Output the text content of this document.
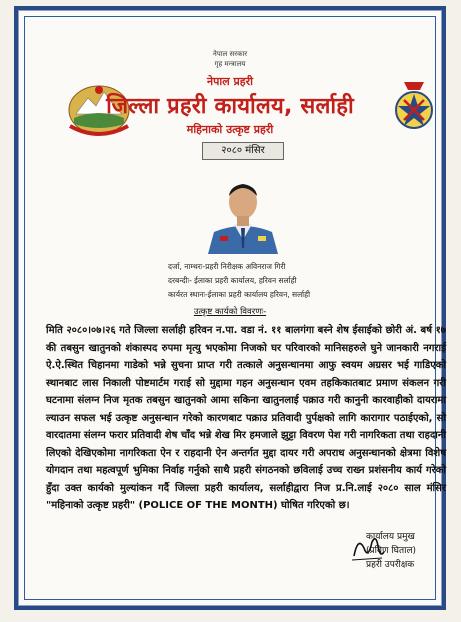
नेपाल सरकार
गृह मन्त्रालय
नेपाल प्रहरी
जिल्ला प्रहरी कार्यालय, सर्लाही
महिनाको उत्कृष्ट प्रहरी
२०८० मंसिर
दर्जा, नाम्थरः-प्रहरी निरीक्षक अविनराज गिरी
दरबन्दीः- ईलाका प्रहरी कार्यालय, हरिवन सर्लाही
कार्यरत स्थानः-ईलाका प्रहरी कार्यालय हरिवन, सर्लाही
उत्कृष्ट कार्यको विवरणः-
मिति २०८०।०७।२६ गते जिल्ला सर्लाही हरिवन न.पा. वडा नं. ११ बालगंगा बस्ने शेष ईसाईको छोरी अं. बर्ष १७ की तबसुन खातुनको शंकास्पद रुपमा मृत्यु भएकोमा निजको घर परिवारको मानिसहरुले घुने जानकारी नगराई ऐ.ऐ.स्थित चिहानमा गाडेको भन्ने सुचना प्राप्त गरी तत्काले अनुसन्धानमा आफु स्वयम अग्रसर भई गाडिएको स्थानबाट लास निकाली पोष्टमार्टम गराई सो मुद्दामा गहन अनुसन्धान एवम तहकिकातबाट प्रमाण संकलन गरी घटनामा संलग्न निज मृतक तबसुन खातुनको आमा सकिना खातुनलाई पक्राउ गरी कानुनी कारवाहीको दायरामा ल्याउन सफल भई उत्कृष्ट अनुसन्धान गरेको कारणबाट पक्राउ प्रतिवादी पुर्पक्षको लागि कारागार पठाईएको, सो वारदातमा संलग्न फरार प्रतिवादी शेष चाँद भन्ने शेख मिर हमजाले झुट्टा विवरण पेश गरी नागरिकता तथा राहदानी लिएको देखिएकोमा नागरिकता ऐन र राहदानी ऐन अन्तर्गत मुद्दा दायर गरी अपराध अनुसन्धानको क्षेत्रमा विशेष योगदान तथा महत्वपूर्ण भुमिका निर्वाह गर्नुको साथै प्रहरी संगठनको छविलाई उच्च राख्न प्रशंसनीय कार्य गरेको हुँदा उक्त कार्यको मुल्यांकन गर्दै जिल्ला प्रहरी कार्यालय, सर्लाहीद्वारा निज प्र.नि.लाई २०८० साल मंसिर "महिनाको उत्कृष्ट प्रहरी" (POLICE OF THE MONTH) घोषित गरिएको छ।
कार्यालय प्रमुख
(प्रविण घिताल)
प्रहरी उपरीक्षक
